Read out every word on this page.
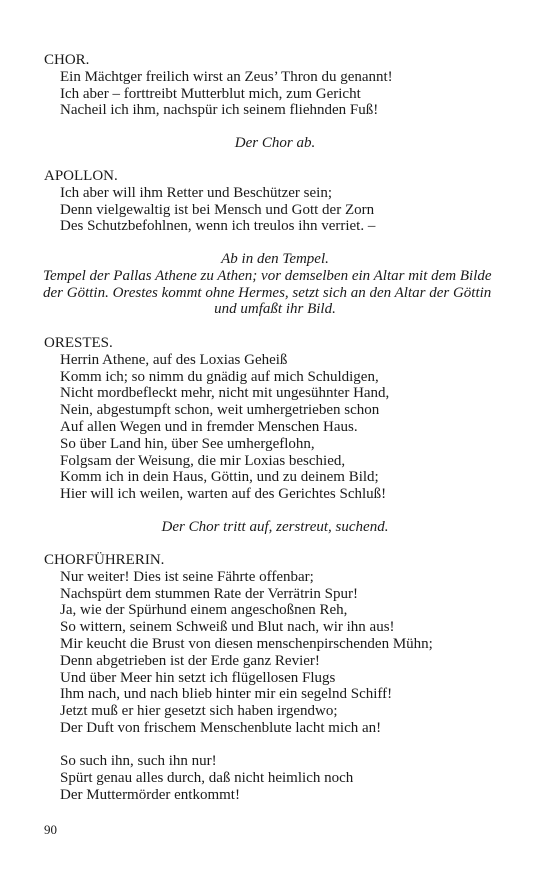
CHOR.
Ein Mächtger freilich wirst an Zeus’ Thron du genannt!
Ich aber – forttreibt Mutterblut mich, zum Gericht
Nacheil ich ihm, nachspür ich seinem fliehnden Fuß!
Der Chor ab.
APOLLON.
Ich aber will ihm Retter und Beschützer sein;
Denn vielgewaltig ist bei Mensch und Gott der Zorn
Des Schutzbefohlnen, wenn ich treulos ihn verriet. –
Ab in den Tempel.
Tempel der Pallas Athene zu Athen; vor demselben ein Altar mit dem Bilde
der Göttin. Orestes kommt ohne Hermes, setzt sich an den Altar der Göttin
und umfaßt ihr Bild.
ORESTES.
Herrin Athene, auf des Loxias Geheiß
Komm ich; so nimm du gnädig auf mich Schuldigen,
Nicht mordbefleckt mehr, nicht mit ungesühnter Hand,
Nein, abgestumpft schon, weit umhergetrieben schon
Auf allen Wegen und in fremder Menschen Haus.
So über Land hin, über See umhergeflohn,
Folgsam der Weisung, die mir Loxias beschied,
Komm ich in dein Haus, Göttin, und zu deinem Bild;
Hier will ich weilen, warten auf des Gerichtes Schluß!
Der Chor tritt auf, zerstreut, suchend.
CHORFÜHRERIN.
Nur weiter! Dies ist seine Fährte offenbar;
Nachspürt dem stummen Rate der Verrätrin Spur!
Ja, wie der Spürhund einem angeschoßnen Reh,
So wittern, seinem Schweiß und Blut nach, wir ihn aus!
Mir keucht die Brust von diesen menschenpirschenden Mühn;
Denn abgetrieben ist der Erde ganz Revier!
Und über Meer hin setzt ich flügellosen Flugs
Ihm nach, und nach blieb hinter mir ein segelnd Schiff!
Jetzt muß er hier gesetzt sich haben irgendwo;
Der Duft von frischem Menschenblute lacht mich an!
So such ihn, such ihn nur!
Spürt genau alles durch, daß nicht heimlich noch
Der Muttermörder entkommt!
90
